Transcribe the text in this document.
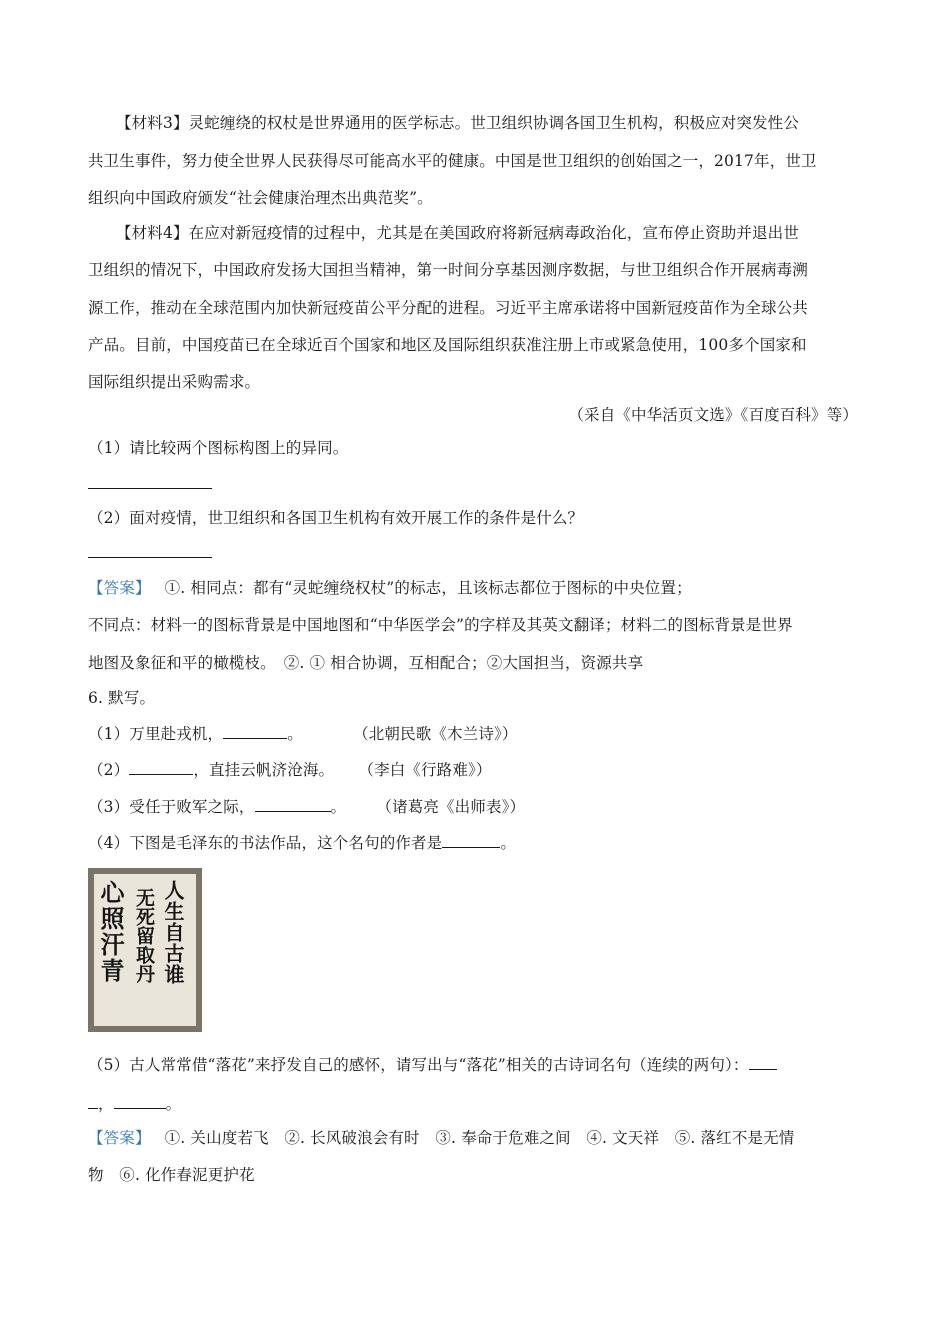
【材料3】灵蛇缠绕的权杖是世界通用的医学标志。世卫组织协调各国卫生机构，积极应对突发性公
共卫生事件，努力使全世界人民获得尽可能高水平的健康。中国是世卫组织的创始国之一，2017年，世卫
组织向中国政府颁发“社会健康治理杰出典范奖”。
【材料4】在应对新冠疫情的过程中，尤其是在美国政府将新冠病毒政治化，宣布停止资助并退出世
卫组织的情况下，中国政府发扬大国担当精神，第一时间分享基因测序数据，与世卫组织合作开展病毒溯
源工作，推动在全球范围内加快新冠疫苗公平分配的进程。习近平主席承诺将中国新冠疫苗作为全球公共
产品。目前，中国疫苗已在全球近百个国家和地区及国际组织获准注册上市或紧急使用，100多个国家和
国际组织提出采购需求。
（采自《中华活页文选》《百度百科》等）
（1）请比较两个图标构图上的异同。
（2）面对疫情，世卫组织和各国卫生机构有效开展工作的条件是什么？
【答案】 ①. 相同点：都有“灵蛇缠绕权杖”的标志，且该标志都位于图标的中央位置；
不同点：材料一的图标背景是中国地图和“中华医学会”的字样及其英文翻译；材料二的图标背景是世界
地图及象征和平的橄榄枝。　②. ① 相合协调，互相配合；②大国担当，资源共享
6. 默写。
（1）万里赴戎机，	。	（北朝民歌《木兰诗》）
（2）	，直挂云帆济沧海。 （李白《行路难》）
（3）受任于败军之际，	。 （诸葛亮《出师表》）
（4）下图是毛泽东的书法作品，这个名句的作者是	。
人生自古谁
无死留取丹
心照汗青
（5）古人常常借“落花”来抒发自己的感怀，请写出与“落花”相关的古诗词名句（连续的两句）：
，	。
【答案】 ①. 关山度若飞　②. 长风破浪会有时　③. 奉命于危难之间　④. 文天祥　⑤. 落红不是无情
物　⑥. 化作春泥更护花
